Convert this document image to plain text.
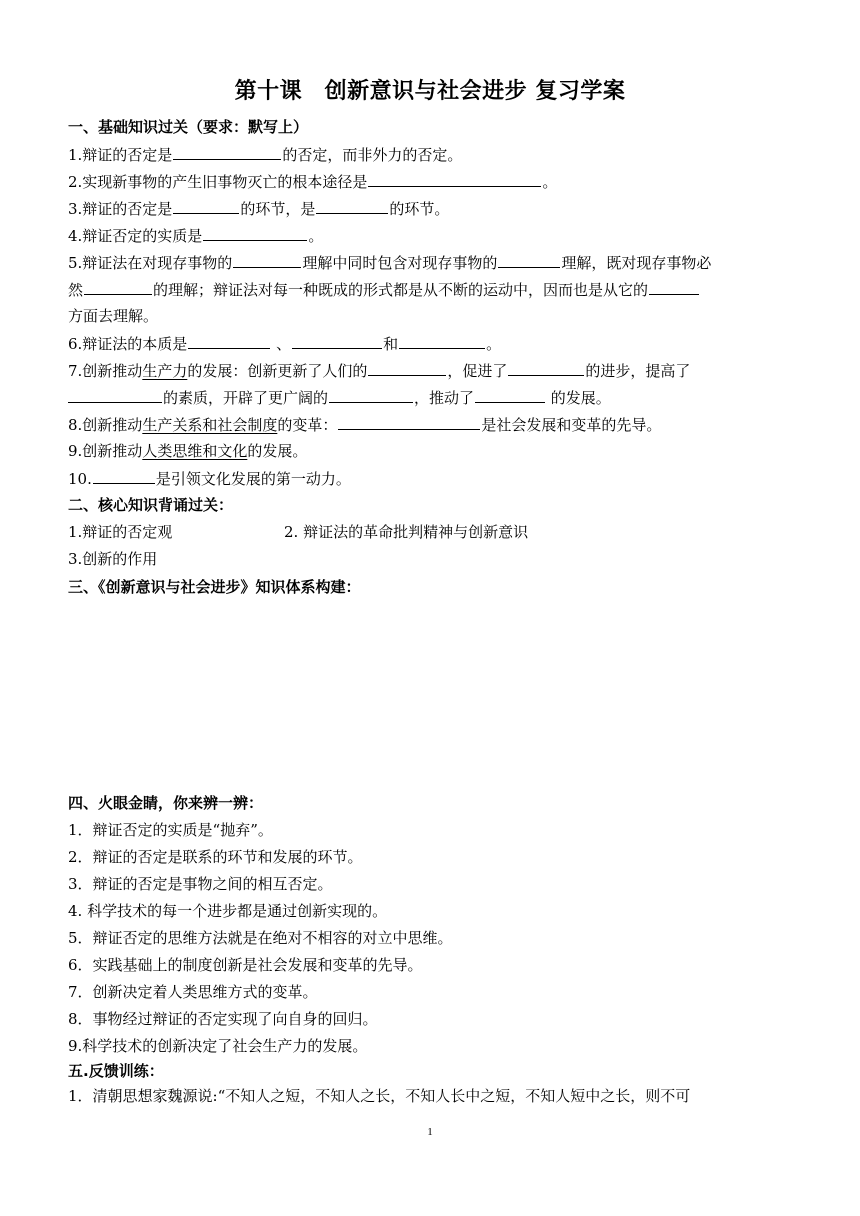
第十课　创新意识与社会进步 复习学案
一、基础知识过关（要求：默写上）
1.辩证的否定是	的否定，而非外力的否定。
2.实现新事物的产生旧事物灭亡的根本途径是	。
3.辩证的否定是	的环节，是	的环节。
4.辩证否定的实质是	。
5.辩证法在对现存事物的	理解中同时包含对现存事物的	理解，既对现存事物必
然	的理解；辩证法对每一种既成的形式都是从不断的运动中，因而也是从它的
方面去理解。
6.辩证法的本质是	、	和	。
7.创新推动生产力的发展：创新更新了人们的	，促进了	的进步，提高了
的素质，开辟了更广阔的	，推动了	的发展。
8.创新推动生产关系和社会制度的变革：	是社会发展和变革的先导。
9.创新推动人类思维和文化的发展。
10.	是引领文化发展的第一动力。
二、核心知识背诵过关：
1.辩证的否定观	2. 辩证法的革命批判精神与创新意识
3.创新的作用
三、《创新意识与社会进步》知识体系构建：
四、火眼金睛，你来辨一辨：
1．辩证否定的实质是“抛弃”。
2．辩证的否定是联系的环节和发展的环节。
3．辩证的否定是事物之间的相互否定。
4. 科学技术的每一个进步都是通过创新实现的。
5．辩证否定的思维方法就是在绝对不相容的对立中思维。
6．实践基础上的制度创新是社会发展和变革的先导。
7．创新决定着人类思维方式的变革。
8．事物经过辩证的否定实现了向自身的回归。
9.科学技术的创新决定了社会生产力的发展。
五.反馈训练：
1．清朝思想家魏源说:“不知人之短，不知人之长，不知人长中之短，不知人短中之长，则不可
1
